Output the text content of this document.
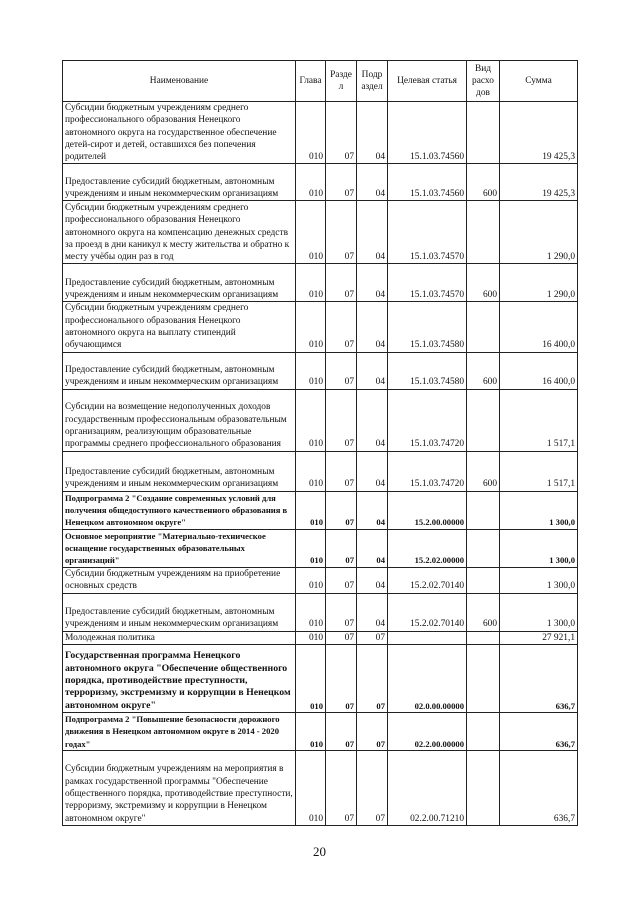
Наименование	Глава	Разде л	Подр аздел	Целевая статья	Вид расхо дов	Сумма
Субсидии бюджетным учреждениям среднего профессионального образования Ненецкого автономного округа на государственное обеспечение детей-сирот и детей, оставшихся без попечения родителей	010	07	04	15.1.03.74560		19 425,3
Предоставление субсидий бюджетным, автономным учреждениям и иным некоммерческим организациям	010	07	04	15.1.03.74560	600	19 425,3
Субсидии бюджетным учреждениям среднего профессионального образования Ненецкого автономного округа на компенсацию денежных средств за проезд в дни каникул к месту жительства и обратно к месту учёбы один раз в год	010	07	04	15.1.03.74570		1 290,0
Предоставление субсидий бюджетным, автономным учреждениям и иным некоммерческим организациям	010	07	04	15.1.03.74570	600	1 290,0
Субсидии бюджетным учреждениям среднего профессионального образования Ненецкого автономного округа на выплату стипендий обучающимся	010	07	04	15.1.03.74580		16 400,0
Предоставление субсидий бюджетным, автономным учреждениям и иным некоммерческим организациям	010	07	04	15.1.03.74580	600	16 400,0
Субсидии на возмещение недополученных доходов государственным профессиональным образовательным организациям, реализующим образовательные программы среднего профессионального образования	010	07	04	15.1.03.74720		1 517,1
Предоставление субсидий бюджетным, автономным учреждениям и иным некоммерческим организациям	010	07	04	15.1.03.74720	600	1 517,1
Подпрограмма 2 "Создание современных условий для получения общедоступного качественного образования в Ненецком автономном округе"	010	07	04	15.2.00.00000		1 300,0
Основное мероприятие "Материально-техническое оснащение государственных образовательных организаций"	010	07	04	15.2.02.00000		1 300,0
Субсидии бюджетным учреждениям на приобретение основных средств	010	07	04	15.2.02.70140		1 300,0
Предоставление субсидий бюджетным, автономным учреждениям и иным некоммерческим организациям	010	07	04	15.2.02.70140	600	1 300,0
Молодежная политика	010	07	07			27 921,1
Государственная программа Ненецкого автономного округа "Обеспечение общественного порядка, противодействие преступности, терроризму, экстремизму и коррупции в Ненецком автономном округе"	010	07	07	02.0.00.00000		636,7
Подпрограмма 2 "Повышение безопасности дорожного движения в Ненецком автономном округе в 2014 - 2020 годах"	010	07	07	02.2.00.00000		636,7
Субсидии бюджетным учреждениям на мероприятия в рамках государственной программы "Обеспечение общественного порядка, противодействие преступности, терроризму, экстремизму и коррупции в Ненецком автономном округе"	010	07	07	02.2.00.71210		636,7
20
